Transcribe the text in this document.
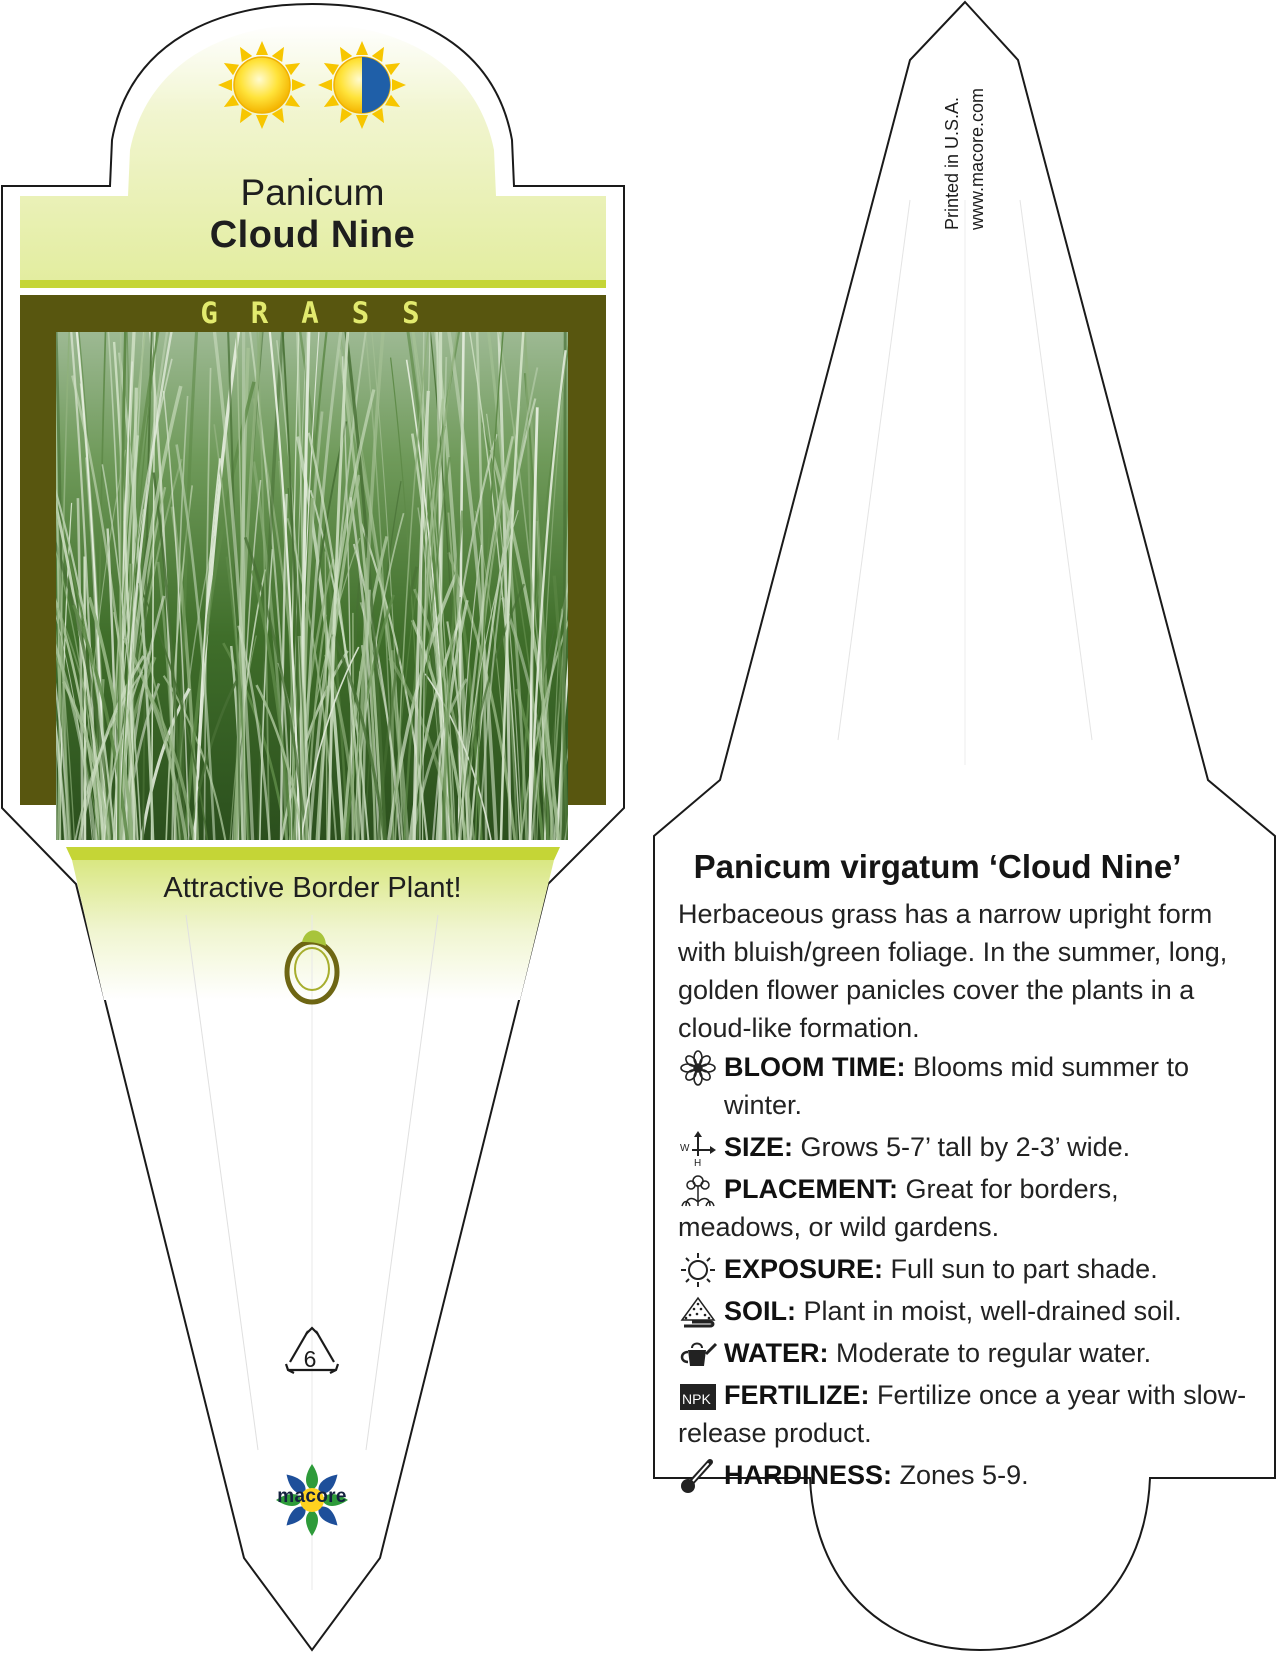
Panicum
Cloud Nine
GRASS
Attractive Border Plant!
6
macore
Printed in U.S.A. www.macore.com
Panicum virgatum ‘Cloud Nine’
Herbaceous grass has a narrow upright form with bluish/green foliage. In the summer, long, golden flower panicles cover the plants in a cloud-like formation.
BLOOM TIME: Blooms mid summer to winter.
W
H
SIZE: Grows 5-7’ tall by 2-3’ wide.
PLACEMENT: Great for borders, meadows, or wild gardens.
EXPOSURE: Full sun to part shade.
SOIL: Plant in moist, well-drained soil.
WATER: Moderate to regular water.
NPK FERTILIZE: Fertilize once a year with slow-release product.
HARDINESS: Zones 5-9.
